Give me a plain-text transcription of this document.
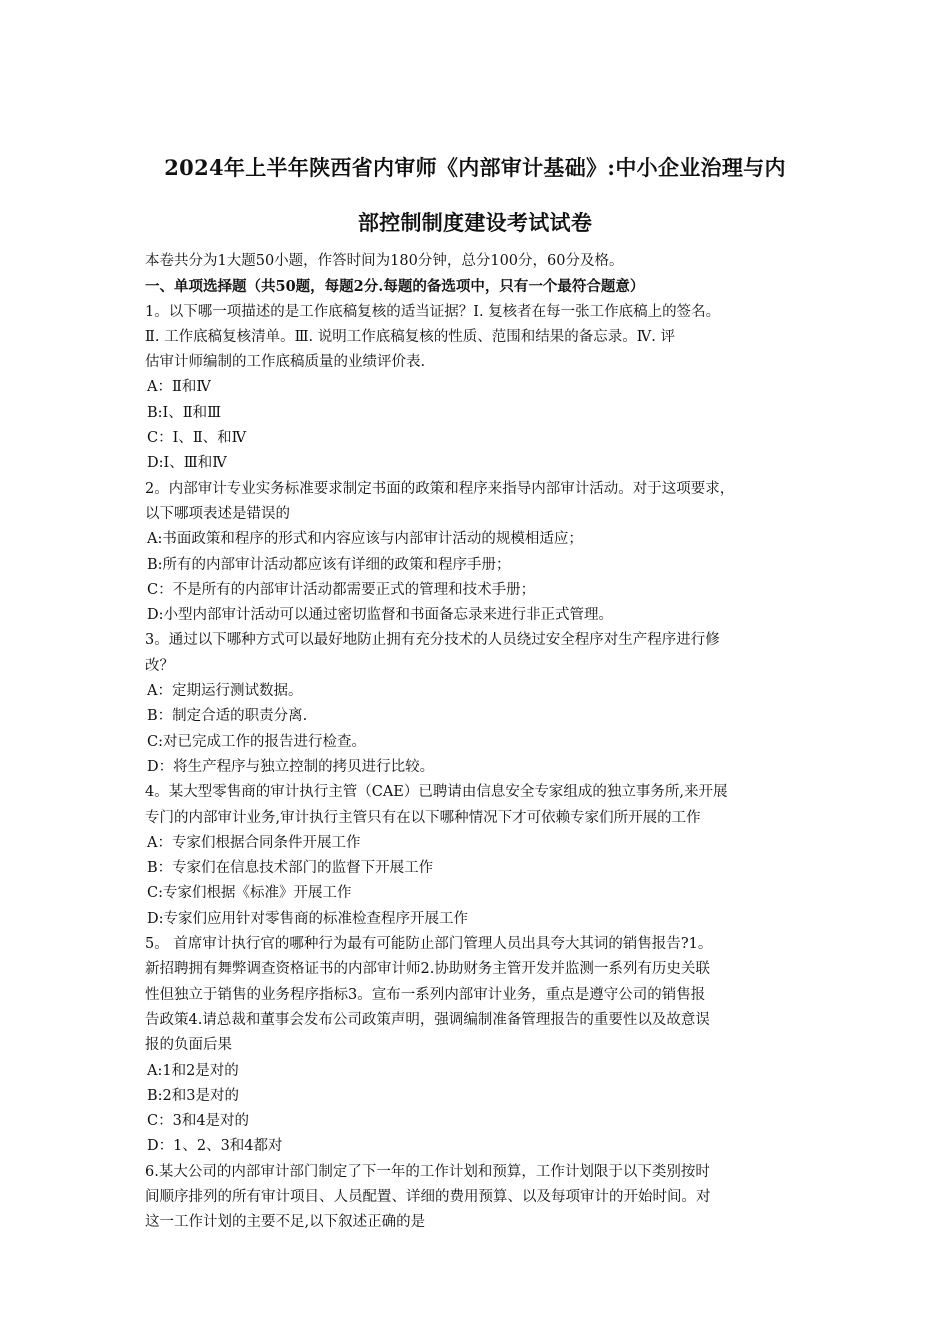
2024年上半年陕西省内审师《内部审计基础》:中小企业治理与内
部控制制度建设考试试卷
本卷共分为1大题50小题，作答时间为180分钟，总分100分，60分及格。
一、单项选择题（共50题，每题2分.每题的备选项中，只有一个最符合题意）
1。以下哪一项描述的是工作底稿复核的适当证据？Ⅰ. 复核者在每一张工作底稿上的签名。
Ⅱ. 工作底稿复核清单。Ⅲ. 说明工作底稿复核的性质、范围和结果的备忘录。Ⅳ. 评
估审计师编制的工作底稿质量的业绩评价表.
A：Ⅱ和Ⅳ
B:Ⅰ、Ⅱ和Ⅲ
C：Ⅰ、Ⅱ、和Ⅳ
D:Ⅰ、Ⅲ和Ⅳ
2。内部审计专业实务标准要求制定书面的政策和程序来指导内部审计活动。对于这项要求，
以下哪项表述是错误的
A:书面政策和程序的形式和内容应该与内部审计活动的规模相适应；
B:所有的内部审计活动都应该有详细的政策和程序手册；
C：不是所有的内部审计活动都需要正式的管理和技术手册；
D:小型内部审计活动可以通过密切监督和书面备忘录来进行非正式管理。
3。通过以下哪种方式可以最好地防止拥有充分技术的人员绕过安全程序对生产程序进行修
改？
A：定期运行测试数据。
B：制定合适的职责分离.
C:对已完成工作的报告进行检查。
D：将生产程序与独立控制的拷贝进行比较。
4。某大型零售商的审计执行主管（CAE）已聘请由信息安全专家组成的独立事务所,来开展
专门的内部审计业务,审计执行主管只有在以下哪种情况下才可依赖专家们所开展的工作
A：专家们根据合同条件开展工作
B：专家们在信息技术部门的监督下开展工作
C:专家们根据《标准》开展工作
D:专家们应用针对零售商的标准检查程序开展工作
5。 首席审计执行官的哪种行为最有可能防止部门管理人员出具夸大其词的销售报告?1。
新招聘拥有舞弊调查资格证书的内部审计师2.协助财务主管开发并监测一系列有历史关联
性但独立于销售的业务程序指标3。宣布一系列内部审计业务，重点是遵守公司的销售报
告政策4.请总裁和董事会发布公司政策声明，强调编制准备管理报告的重要性以及故意误
报的负面后果
A:1和2是对的
B:2和3是对的
C：3和4是对的
D：1、2、3和4都对
6.某大公司的内部审计部门制定了下一年的工作计划和预算，工作计划限于以下类别按时
间顺序排列的所有审计项目、人员配置、详细的费用预算、以及每项审计的开始时间。对
这一工作计划的主要不足,以下叙述正确的是
